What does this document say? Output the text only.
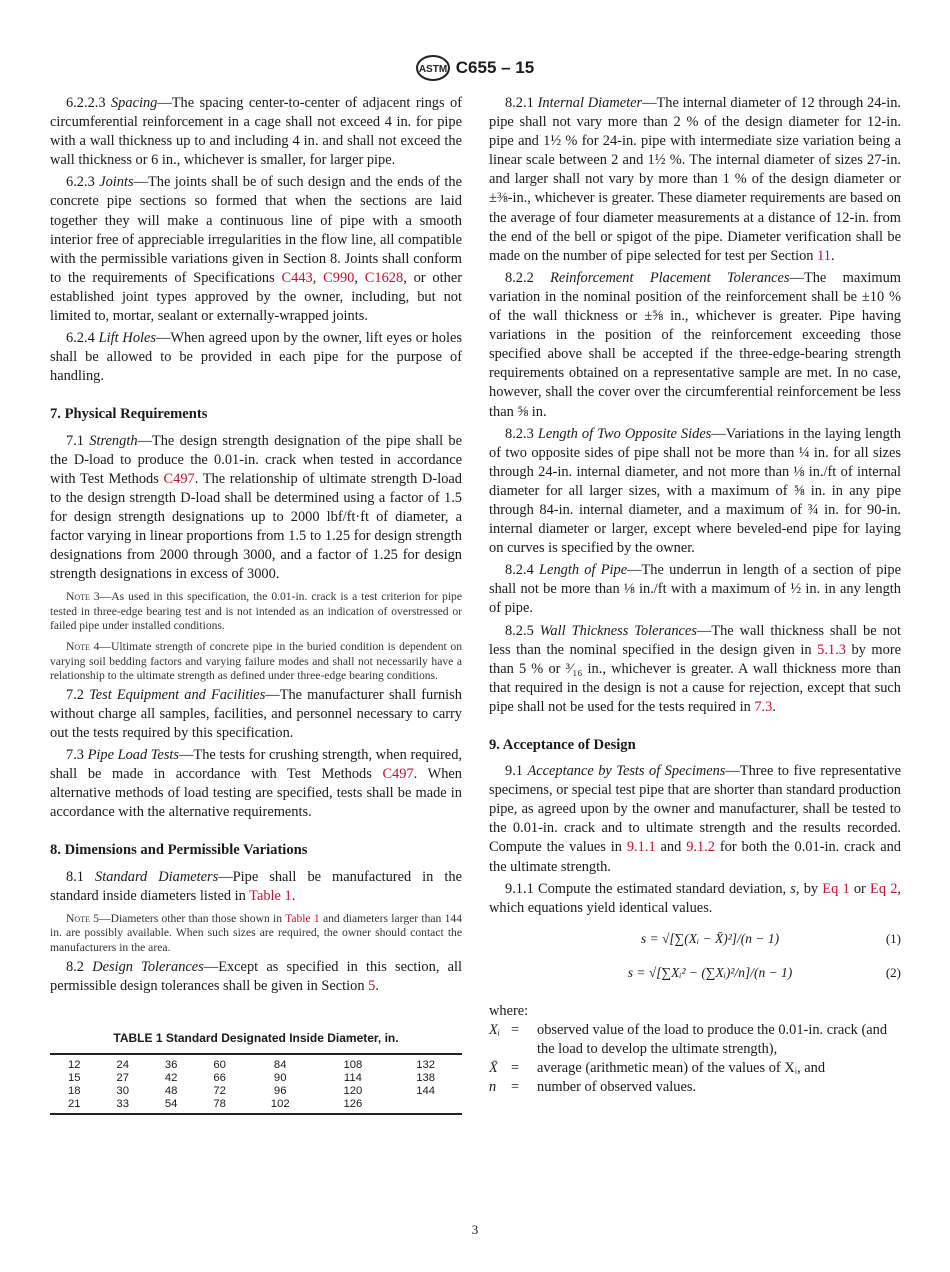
ASTM C655 – 15

6.2.2.3 Spacing—The spacing center-to-center of adjacent rings of circumferential reinforcement in a cage shall not exceed 4 in. for pipe with a wall thickness up to and including 4 in. and shall not exceed the wall thickness or 6 in., whichever is smaller, for larger pipe.

6.2.3 Joints—The joints shall be of such design and the ends of the concrete pipe sections so formed that when the sections are laid together they will make a continuous line of pipe with a smooth interior free of appreciable irregularities in the flow line, all compatible with the permissible variations given in Section 8. Joints shall conform to the requirements of Specifications C443, C990, C1628, or other established joint types approved by the owner, including, but not limited to, mortar, sealant or externally-wrapped joints.

6.2.4 Lift Holes—When agreed upon by the owner, lift eyes or holes shall be allowed to be provided in each pipe for the purpose of handling.

7. Physical Requirements

7.1 Strength—The design strength designation of the pipe shall be the D-load to produce the 0.01-in. crack when tested in accordance with Test Methods C497. The relationship of ultimate strength D-load to the design strength D-load shall be determined using a factor of 1.5 for design strength designations up to 2000 lbf/ft·ft of diameter, a factor varying in linear proportions from 1.5 to 1.25 for design strength designations from 2000 through 3000, and a factor of 1.25 for design strength designations in excess of 3000.

Note 3—As used in this specification, the 0.01-in. crack is a test criterion for pipe tested in three-edge bearing test and is not intended as an indication of overstressed or failed pipe under installed conditions.

Note 4—Ultimate strength of concrete pipe in the buried condition is dependent on varying soil bedding factors and varying failure modes and shall not necessarily have a relationship to the ultimate strength as defined under three-edge bearing conditions.

7.2 Test Equipment and Facilities—The manufacturer shall furnish without charge all samples, facilities, and personnel necessary to carry out the tests required by this specification.

7.3 Pipe Load Tests—The tests for crushing strength, when required, shall be made in accordance with Test Methods C497. When alternative methods of load testing are specified, tests shall be made in accordance with the alternative requirements.

8. Dimensions and Permissible Variations

8.1 Standard Diameters—Pipe shall be manufactured in the standard inside diameters listed in Table 1.

Note 5—Diameters other than those shown in Table 1 and diameters larger than 144 in. are possibly available. When such sizes are required, the owner should contact the manufacturers in the area.

8.2 Design Tolerances—Except as specified in this section, all permissible design tolerances shall be given in Section 5.

TABLE 1 Standard Designated Inside Diameter, in.
12	24	36	60	84	108	132
15	27	42	66	90	114	138
18	30	48	72	96	120	144
21	33	54	78	102	126	

8.2.1 Internal Diameter—The internal diameter of 12 through 24-in. pipe shall not vary more than 2 % of the design diameter for 12-in. pipe and 1½ % for 24-in. pipe with intermediate size variation being a linear scale between 2 and 1½ %. The internal diameter of sizes 27-in. and larger shall not vary by more than 1 % of the design diameter or ±⅜-in., whichever is greater. These diameter requirements are based on the average of four diameter measurements at a distance of 12-in. from the end of the bell or spigot of the pipe. Diameter verification shall be made on the number of pipe selected for test per Section 11.

8.2.2 Reinforcement Placement Tolerances—The maximum variation in the nominal position of the reinforcement shall be ±10 % of the wall thickness or ±⅝ in., whichever is greater. Pipe having variations in the position of the reinforcement exceeding those specified above shall be accepted if the three-edge-bearing strength requirements obtained on a representative sample are met. In no case, however, shall the cover over the circumferential reinforcement be less than ⅝ in.

8.2.3 Length of Two Opposite Sides—Variations in the laying length of two opposite sides of pipe shall not be more than ¼ in. for all sizes through 24-in. internal diameter, and not more than ⅛ in./ft of internal diameter for all larger sizes, with a maximum of ⅝ in. in any pipe through 84-in. internal diameter, and a maximum of ¾ in. for 90-in. internal diameter or larger, except where beveled-end pipe for laying on curves is specified by the owner.

8.2.4 Length of Pipe—The underrun in length of a section of pipe shall not be more than ⅛ in./ft with a maximum of ½ in. in any length of pipe.

8.2.5 Wall Thickness Tolerances—The wall thickness shall be not less than the nominal specified in the design given in 5.1.3 by more than 5 % or ³⁄₁₆ in., whichever is greater. A wall thickness more than that required in the design is not a cause for rejection, except that such pipe shall not be used for the tests required in 7.3.

9. Acceptance of Design

9.1 Acceptance by Tests of Specimens—Three to five representative specimens, or special test pipe that are shorter than standard production pipe, as agreed upon by the owner and manufacturer, shall be tested to the 0.01-in. crack and to ultimate strength and the results recorded. Compute the values in 9.1.1 and 9.1.2 for both the 0.01-in. crack and the ultimate strength.

9.1.1 Compute the estimated standard deviation, s, by Eq 1 or Eq 2, which equations yield identical values.

s = √[∑(Xᵢ − X̄)²]/(n − 1)	(1)
s = √[∑Xᵢ² − (∑Xᵢ)²/n]/(n − 1)	(2)
where:
Xᵢ =	observed value of the load to produce the 0.01-in. crack (and the load to develop the ultimate strength),
X̄ =	average (arithmetic mean) of the values of Xᵢ, and
n	=	number of observed values.
3
